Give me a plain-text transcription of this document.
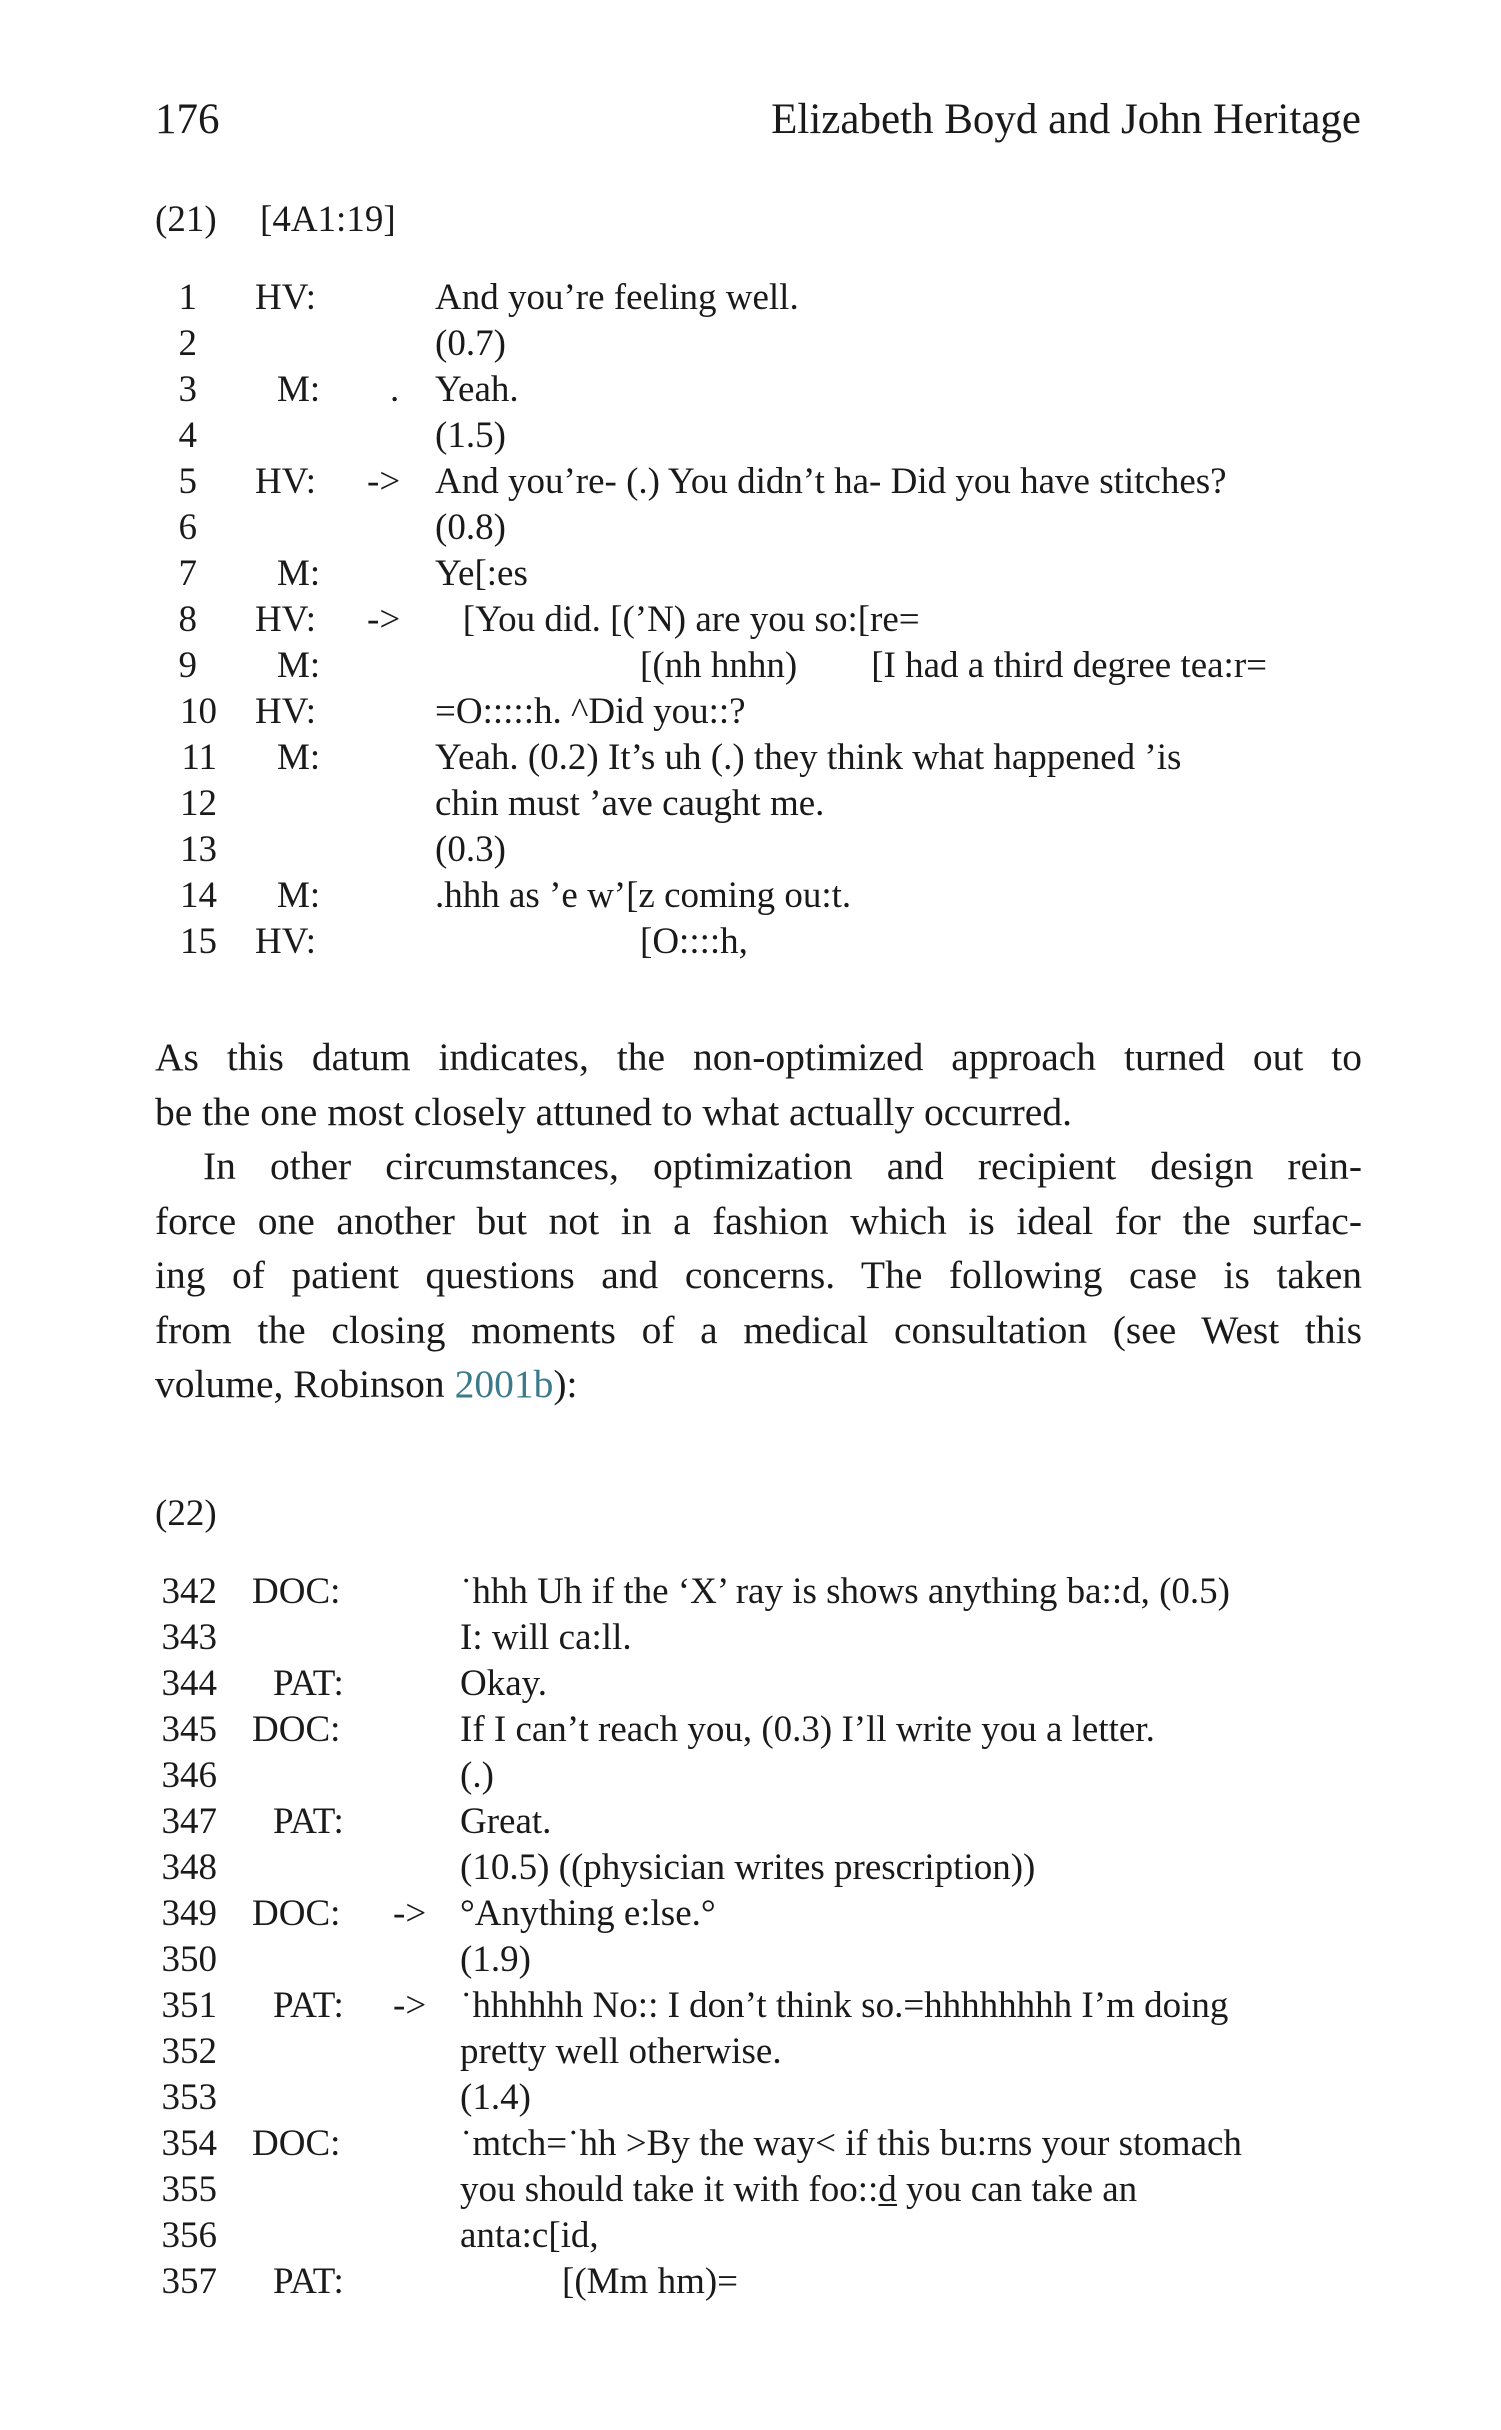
176	Elizabeth Boyd and John Heritage
(21) [4A1:19]
1 HV:	And you’re feeling well.
2	(0.7)
3 M: . Yeah.
4	(1.5)
5 HV: -> And you’re- (.) You didn’t ha- Did you have stitches?
6	(0.8)
7 M:	Ye[:es
8 HV: -> [You did. [(’N) are you so:[re=
9 M:	[(nh hnhn)        [I had a third degree tea:r=
10 HV:	=O:::::h. ^Did you::?
11 M:	Yeah. (0.2) It’s uh (.) they think what happened ’is
12	chin must ’ave caught me.
13	(0.3)
14 M:	.hhh as ’e w’[z coming ou:t.
15 HV:	[O::::h,
As this datum indicates, the non-optimized approach turned out to
be the one most closely attuned to what actually occurred.
In other circumstances, optimization and recipient design rein-
force one another but not in a fashion which is ideal for the surfac-
ing of patient questions and concerns. The following case is taken
from the closing moments of a medical consultation (see West this
volume, Robinson 2001b):
(22)
342 DOC:	˙hhh Uh if the ‘X’ ray is shows anything ba::d, (0.5)
343	I: will ca:ll.
344 PAT:	Okay.
345 DOC:	If I can’t reach you, (0.3) I’ll write you a letter.
346	(.)
347 PAT:	Great.
348	(10.5) ((physician writes prescription))
349 DOC: -> °Anything e:lse.°
350	(1.9)
351 PAT: -> ˙hhhhhh No:: I don’t think so.=hhhhhhhh I’m doing
352	pretty well otherwise.
353	(1.4)
354 DOC:	˙mtch=˙hh >By the way< if this bu:rns your stomach
355	you should take it with foo::d̲ you can take an
356	anta:c[id,
357 PAT:	[(Mm hm)=
